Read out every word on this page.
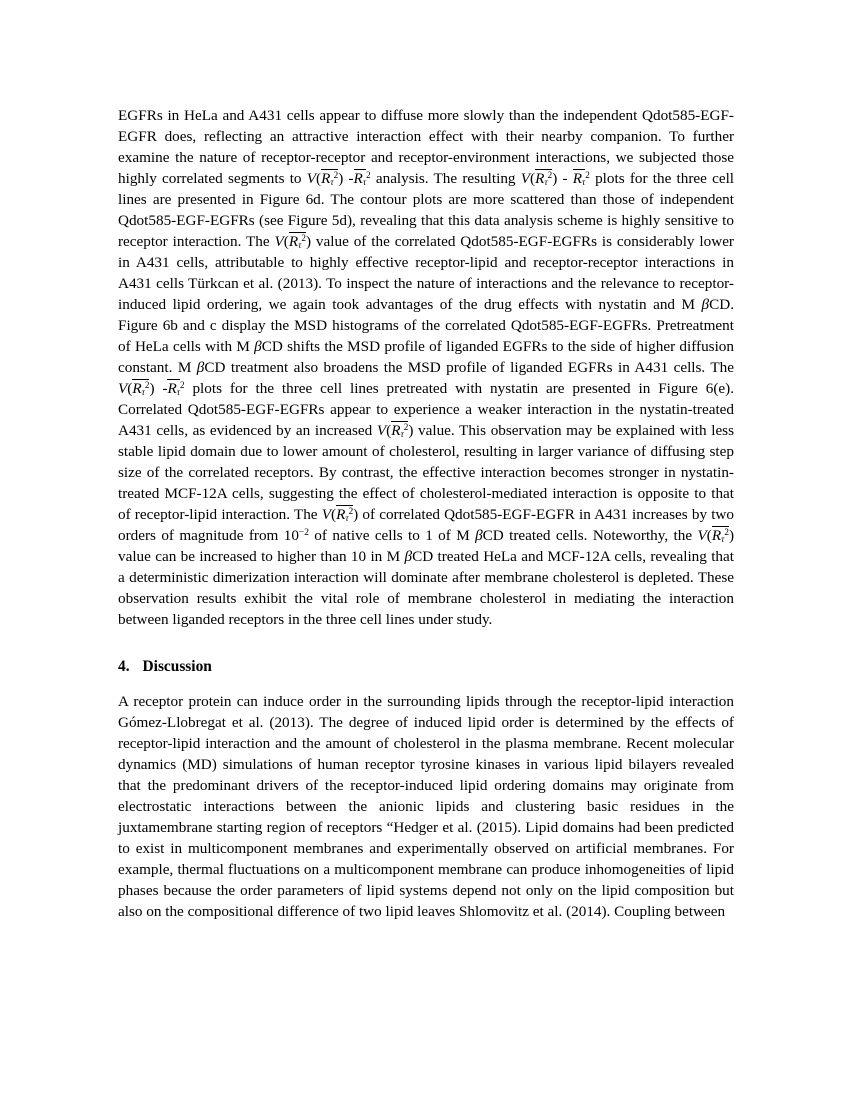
EGFRs in HeLa and A431 cells appear to diffuse more slowly than the independent Qdot585-EGF-EGFR does, reflecting an attractive interaction effect with their nearby companion. To further examine the nature of receptor-receptor and receptor-environment interactions, we subjected those highly correlated segments to $V(R_\tau^2)$ $-R_\tau^2$ analysis. The resulting $V(R_\tau^2) - R_\tau^2$ plots for the three cell lines are presented in Figure 6d. The contour plots are more scattered than those of independent Qdot585-EGF-EGFRs (see Figure 5d), revealing that this data analysis scheme is highly sensitive to receptor interaction. The $V(R_\tau^2)$ value of the correlated Qdot585-EGF-EGFRs is considerably lower in A431 cells, attributable to highly effective receptor-lipid and receptor-receptor interactions in A431 cells Türkcan et al. (2013). To inspect the nature of interactions and the relevance to receptor-induced lipid ordering, we again took advantages of the drug effects with nystatin and M βCD. Figure 6b and c display the MSD histograms of the correlated Qdot585-EGF-EGFRs. Pretreatment of HeLa cells with M βCD shifts the MSD profile of liganded EGFRs to the side of higher diffusion constant. M βCD treatment also broadens the MSD profile of liganded EGFRs in A431 cells. The $V(R_\tau^2)$ $-R_\tau^2$ plots for the three cell lines pretreated with nystatin are presented in Figure 6(e). Correlated Qdot585-EGF-EGFRs appear to experience a weaker interaction in the nystatin-treated A431 cells, as evidenced by an increased $V(R_\tau^2)$ value. This observation may be explained with less stable lipid domain due to lower amount of cholesterol, resulting in larger variance of diffusing step size of the correlated receptors. By contrast, the effective interaction becomes stronger in nystatin-treated MCF-12A cells, suggesting the effect of cholesterol-mediated interaction is opposite to that of receptor-lipid interaction. The $V(R_\tau^2)$ of correlated Qdot585-EGF-EGFR in A431 increases by two orders of magnitude from $10^{-2}$ of native cells to 1 of M βCD treated cells. Noteworthy, the $V(R_\tau^2)$ value can be increased to higher than 10 in M βCD treated HeLa and MCF-12A cells, revealing that a deterministic dimerization interaction will dominate after membrane cholesterol is depleted. These observation results exhibit the vital role of membrane cholesterol in mediating the interaction between liganded receptors in the three cell lines under study.

4. Discussion

A receptor protein can induce order in the surrounding lipids through the receptor-lipid interaction Gómez-Llobregat et al. (2013). The degree of induced lipid order is determined by the effects of receptor-lipid interaction and the amount of cholesterol in the plasma membrane. Recent molecular dynamics (MD) simulations of human receptor tyrosine kinases in various lipid bilayers revealed that the predominant drivers of the receptor-induced lipid ordering domains may originate from electrostatic interactions between the anionic lipids and clustering basic residues in the juxtamembrane starting region of receptors “Hedger et al. (2015). Lipid domains had been predicted to exist in multicomponent membranes and experimentally observed on artificial membranes. For example, thermal fluctuations on a multicomponent membrane can produce inhomogeneities of lipid phases because the order parameters of lipid systems depend not only on the lipid composition but also on the compositional difference of two lipid leaves Shlomovitz et al. (2014). Coupling between
